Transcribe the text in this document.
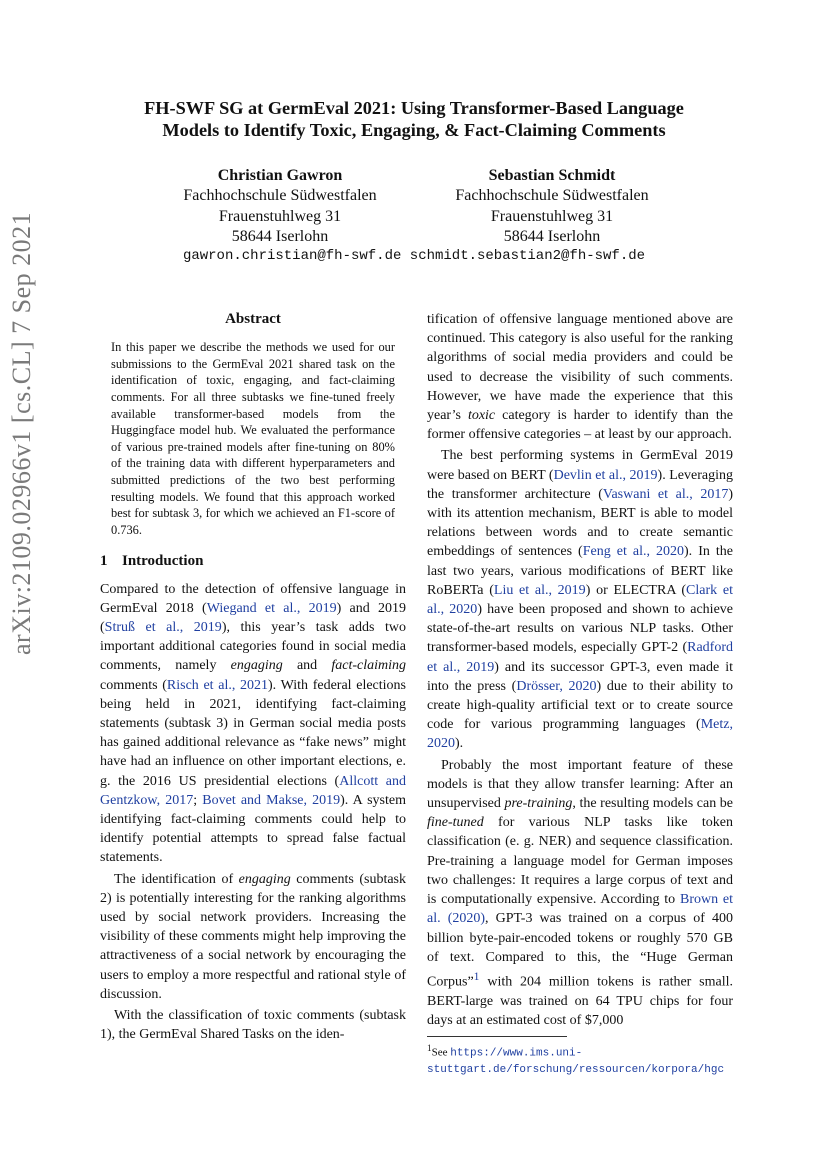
arXiv:2109.02966v1 [cs.CL] 7 Sep 2021
FH-SWF SG at GermEval 2021: Using Transformer-Based Language
Models to Identify Toxic, Engaging, & Fact-Claiming Comments
Christian Gawron
Fachhochschule Südwestfalen
Frauenstuhlweg 31
58644 Iserlohn
Sebastian Schmidt
Fachhochschule Südwestfalen
Frauenstuhlweg 31
58644 Iserlohn
gawron.christian@fh-swf.de schmidt.sebastian2@fh-swf.de
Abstract
In this paper we describe the methods we used for our submissions to the GermEval 2021 shared task on the identification of toxic, engaging, and fact-claiming comments. For all three subtasks we fine-tuned freely available transformer-based models from the Huggingface model hub. We evaluated the performance of various pre-trained models after fine-tuning on 80% of the training data with different hyperparameters and submitted predictions of the two best performing resulting models. We found that this approach worked best for subtask 3, for which we achieved an F1-score of 0.736.
1 Introduction

Compared to the detection of offensive language in GermEval 2018 (Wiegand et al., 2019) and 2019 (Struß et al., 2019), this year’s task adds two important additional categories found in social media comments, namely engaging and fact-claiming comments (Risch et al., 2021). With federal elections being held in 2021, identifying fact-claiming statements (subtask 3) in German social media posts has gained additional relevance as “fake news” might have had an influence on other important elections, e. g. the 2016 US presidential elections (Allcott and Gentzkow, 2017; Bovet and Makse, 2019). A system identifying fact-claiming comments could help to identify potential attempts to spread false factual statements.

The identification of engaging comments (subtask 2) is potentially interesting for the ranking algorithms used by social network providers. Increasing the visibility of these comments might help improving the attractiveness of a social network by encouraging the users to employ a more respectful and rational style of discussion.

With the classification of toxic comments (subtask 1), the GermEval Shared Tasks on the iden-

tification of offensive language mentioned above are continued. This category is also useful for the ranking algorithms of social media providers and could be used to decrease the visibility of such comments. However, we have made the experience that this year’s toxic category is harder to identify than the former offensive categories – at least by our approach.

The best performing systems in GermEval 2019 were based on BERT (Devlin et al., 2019). Leveraging the transformer architecture (Vaswani et al., 2017) with its attention mechanism, BERT is able to model relations between words and to create semantic embeddings of sentences (Feng et al., 2020). In the last two years, various modifications of BERT like RoBERTa (Liu et al., 2019) or ELECTRA (Clark et al., 2020) have been proposed and shown to achieve state-of-the-art results on various NLP tasks. Other transformer-based models, especially GPT-2 (Radford et al., 2019) and its successor GPT-3, even made it into the press (Drösser, 2020) due to their ability to create high-quality artificial text or to create source code for various programming languages (Metz, 2020).

Probably the most important feature of these models is that they allow transfer learning: After an unsupervised pre-training, the resulting models can be fine-tuned for various NLP tasks like token classification (e. g. NER) and sequence classification. Pre-training a language model for German imposes two challenges: It requires a large corpus of text and is computationally expensive. According to Brown et al. (2020), GPT-3 was trained on a corpus of 400 billion byte-pair-encoded tokens or roughly 570 GB of text. Compared to this, the “Huge German Corpus”$^1$ with 204 million tokens is rather small. BERT-large was trained on 64 TPU chips for four days at an estimated cost of $7,000

$^1$See https://www.ims.uni-stuttgart.de/forschung/ressourcen/korpora/hgc
